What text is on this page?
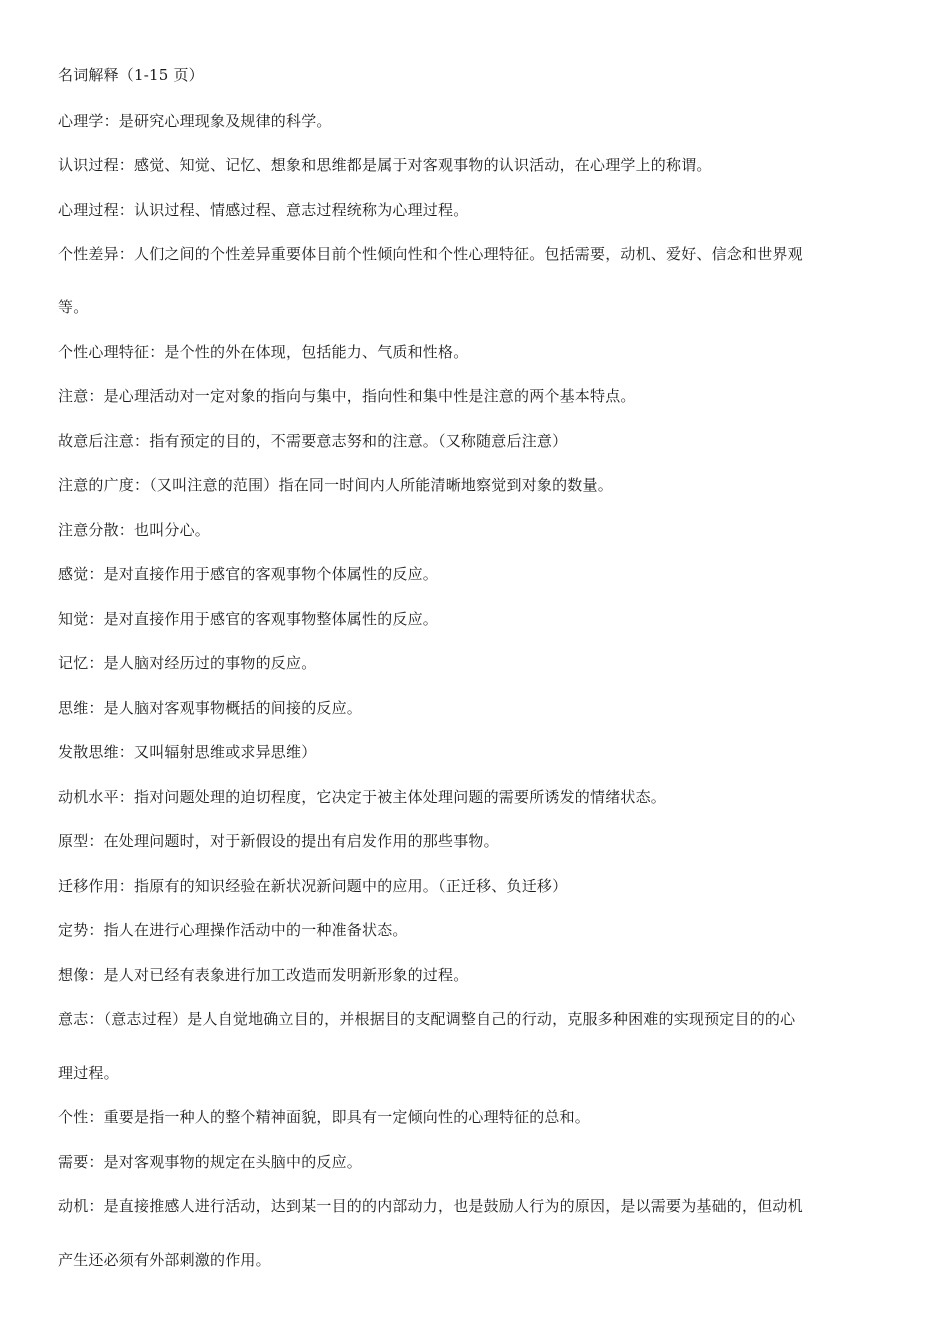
名词解释（1-15 页）
心理学：是研究心理现象及规律的科学。
认识过程：感觉、知觉、记忆、想象和思维都是属于对客观事物的认识活动，在心理学上的称谓。
心理过程：认识过程、情感过程、意志过程统称为心理过程。
个性差异：人们之间的个性差异重要体目前个性倾向性和个性心理特征。包括需要，动机、爱好、信念和世界观
等。
个性心理特征：是个性的外在体现，包括能力、气质和性格。
注意：是心理活动对一定对象的指向与集中，指向性和集中性是注意的两个基本特点。
故意后注意：指有预定的目的，不需要意志努和的注意。（又称随意后注意）
注意的广度：（又叫注意的范围）指在同一时间内人所能清晰地察觉到对象的数量。
注意分散：也叫分心。
感觉：是对直接作用于感官的客观事物个体属性的反应。
知觉：是对直接作用于感官的客观事物整体属性的反应。
记忆：是人脑对经历过的事物的反应。
思维：是人脑对客观事物概括的间接的反应。
发散思维：又叫辐射思维或求异思维）
动机水平：指对问题处理的迫切程度，它决定于被主体处理问题的需要所诱发的情绪状态。
原型：在处理问题时，对于新假设的提出有启发作用的那些事物。
迁移作用：指原有的知识经验在新状况新问题中的应用。（正迁移、负迁移）
定势：指人在进行心理操作活动中的一种准备状态。
想像：是人对已经有表象进行加工改造而发明新形象的过程。
意志：（意志过程）是人自觉地确立目的，并根据目的支配调整自己的行动，克服多种困难的实现预定目的的心
理过程。
个性：重要是指一种人的整个精神面貌，即具有一定倾向性的心理特征的总和。
需要：是对客观事物的规定在头脑中的反应。
动机：是直接推感人进行活动，达到某一目的的内部动力，也是鼓励人行为的原因，是以需要为基础的，但动机
产生还必须有外部刺激的作用。
